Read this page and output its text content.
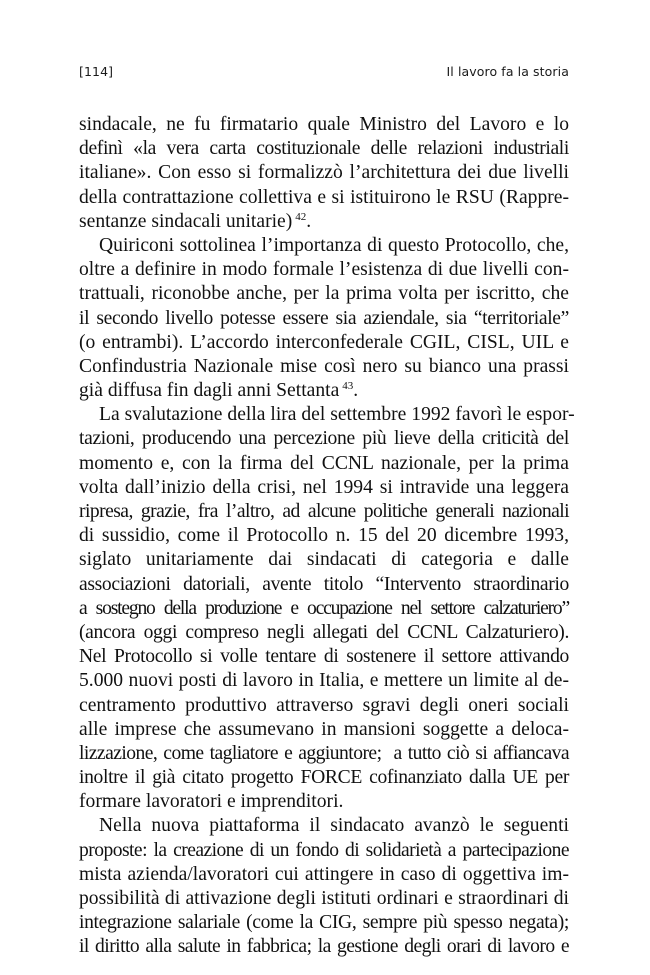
[114]	Il lavoro fa la storia
sindacale, ne fu firmatario quale Ministro del Lavoro e lo
definì «la vera carta costituzionale delle relazioni industriali
italiane». Con esso si formalizzò l’architettura dei due livelli
della contrattazione collettiva e si istituirono le RSU (Rappre-
sentanze sindacali unitarie) $^{42}$.
Quiriconi sottolinea l’importanza di questo Protocollo, che,
oltre a definire in modo formale l’esistenza di due livelli con-
trattuali, riconobbe anche, per la prima volta per iscritto, che
il secondo livello potesse essere sia aziendale, sia “territoriale”
(o entrambi). L’accordo interconfederale CGIL, CISL, UIL e
Confindustria Nazionale mise così nero su bianco una prassi
già diffusa fin dagli anni Settanta $^{43}$.
La svalutazione della lira del settembre 1992 favorì le espor-
tazioni, producendo una percezione più lieve della criticità del
momento e, con la firma del CCNL nazionale, per la prima
volta dall’inizio della crisi, nel 1994 si intravide una leggera
ripresa, grazie, fra l’altro, ad alcune politiche generali nazionali
di sussidio, come il Protocollo n. 15 del 20 dicembre 1993,
siglato unitariamente dai sindacati di categoria e dalle
associazioni datoriali, avente titolo “Intervento straordinario
a sostegno della produzione e occupazione nel settore calzaturiero”
(ancora oggi compreso negli allegati del CCNL Calzaturiero).
Nel Protocollo si volle tentare di sostenere il settore attivando
5.000 nuovi posti di lavoro in Italia, e mettere un limite al de-
centramento produttivo attraverso sgravi degli oneri sociali
alle imprese che assumevano in mansioni soggette a deloca-
lizzazione, come tagliatore e aggiuntore;  a tutto ciò si affiancava
inoltre il già citato progetto FORCE cofinanziato dalla UE per
formare lavoratori e imprenditori.
Nella nuova piattaforma il sindacato avanzò le seguenti
proposte: la creazione di un fondo di solidarietà a partecipazione
mista azienda/lavoratori cui attingere in caso di oggettiva im-
possibilità di attivazione degli istituti ordinari e straordinari di
integrazione salariale (come la CIG, sempre più spesso negata);
il diritto alla salute in fabbrica; la gestione degli orari di lavoro e
